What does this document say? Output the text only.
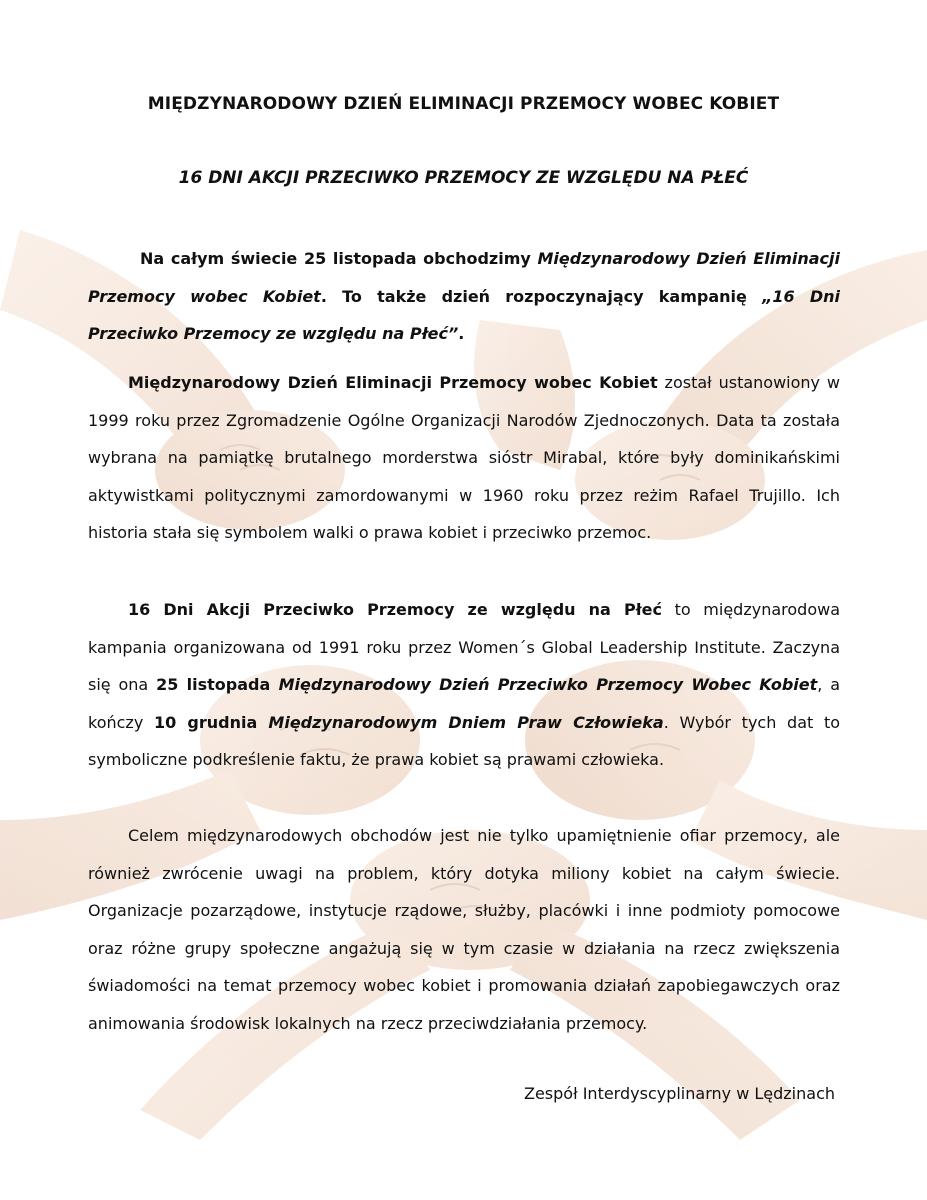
MIĘDZYNARODOWY DZIEŃ ELIMINACJI PRZEMOCY WOBEC KOBIET
16 DNI AKCJI PRZECIWKO PRZEMOCY ZE WZGLĘDU NA PŁEĆ

Na całym świecie 25 listopada obchodzimy Międzynarodowy Dzień Eliminacji Przemocy wobec Kobiet. To także dzień rozpoczynający kampanię „16 Dni Przeciwko Przemocy ze względu na Płeć”.

Międzynarodowy Dzień Eliminacji Przemocy wobec Kobiet został ustanowiony w 1999 roku przez Zgromadzenie Ogólne Organizacji Narodów Zjednoczonych. Data ta została wybrana na pamiątkę brutalnego morderstwa sióstr Mirabal, które były dominikańskimi aktywistkami politycznymi zamordowanymi w 1960 roku przez reżim Rafael Trujillo. Ich historia stała się symbolem walki o prawa kobiet i przeciwko przemoc.

16 Dni Akcji Przeciwko Przemocy ze względu na Płeć to międzynarodowa kampania organizowana od 1991 roku przez Women´s Global Leadership Institute. Zaczyna się ona 25 listopada Międzynarodowy Dzień Przeciwko Przemocy Wobec Kobiet, a kończy 10 grudnia Międzynarodowym Dniem Praw Człowieka. Wybór tych dat to symboliczne podkreślenie faktu, że prawa kobiet są prawami człowieka.

Celem międzynarodowych obchodów jest nie tylko upamiętnienie ofiar przemocy, ale również zwrócenie uwagi na problem, który dotyka miliony kobiet na całym świecie. Organizacje pozarządowe, instytucje rządowe, służby, placówki i inne podmioty pomocowe oraz różne grupy społeczne angażują się w tym czasie w działania na rzecz zwiększenia świadomości na temat przemocy wobec kobiet i promowania działań zapobiegawczych oraz animowania środowisk lokalnych na rzecz przeciwdziałania przemocy.

Zespół Interdyscyplinarny w Lędzinach
